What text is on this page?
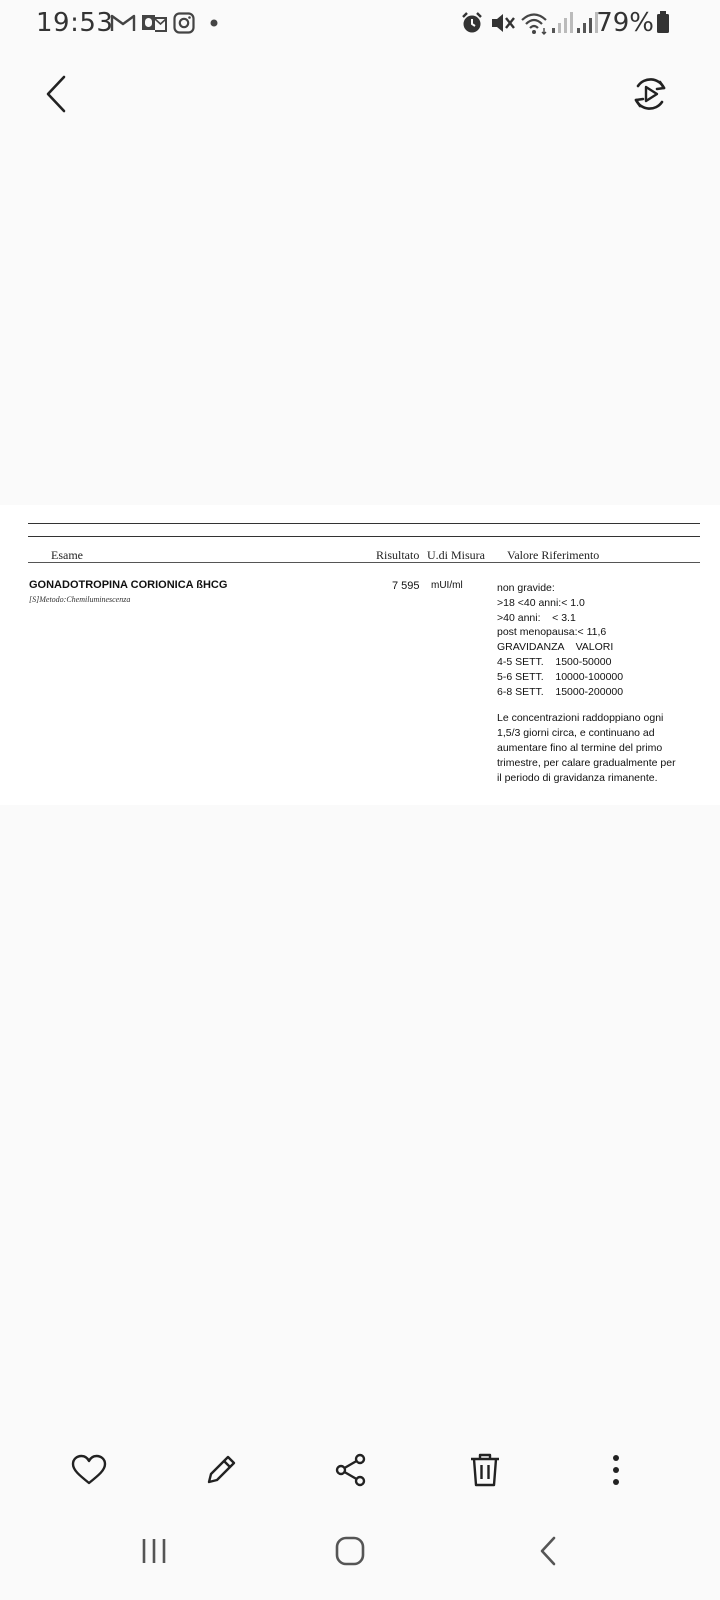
19:53	79%
Esame	Risultato U.di Misura Valore Riferimento
GONADOTROPINA CORIONICA ßHCG
[S]Metodo:Chemiluminescenza
7 595 mUI/ml	non gravide:
>18 <40 anni:< 1.0
>40 anni:    < 3.1
post menopausa:< 11,6
GRAVIDANZA    VALORI
4-5 SETT.    1500-50000
5-6 SETT.    10000-100000
6-8 SETT.    15000-200000
Le concentrazioni raddoppiano ogni
1,5/3 giorni circa, e continuano ad
aumentare fino al termine del primo
trimestre, per calare gradualmente per
il periodo di gravidanza rimanente.
